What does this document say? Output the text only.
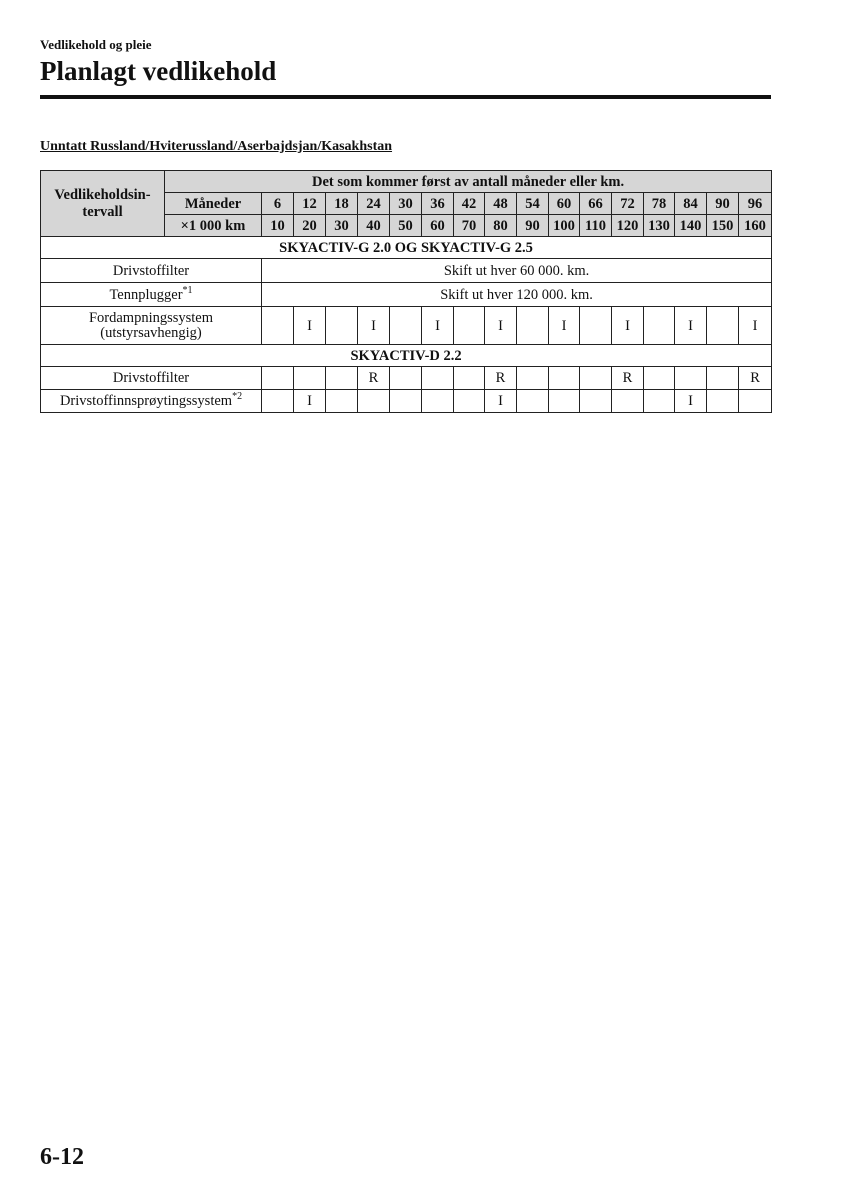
Vedlikehold og pleie
Planlagt vedlikehold
Unntatt Russland/Hviterussland/Aserbajdsjan/Kasakhstan
Vedlikeholdsin-tervall	Det som kommer først av antall måneder eller km.																
	Måneder	6	12	18	24	30	36	42	48	54	60	66	72	78	84	90	96
	×1 000 km	10	20	30	40	50	60	70	80	90	100	110	120	130	140	150	160
SKYACTIV-G 2.0 OG SKYACTIV-G 2.5																	
Drivstoffilter		Skift ut hver 60 000. km.															
Tennplugger$^{*1}$		Skift ut hver 120 000. km.															
Fordampningssystem (utstyrsavhengig)			I		I		I		I		I		I		I		I
SKYACTIV-D 2.2																	
Drivstoffilter					R				R				R				R
Drivstoffinnsprøytingssystem$^{*2}$			I						I						I		
6-12
